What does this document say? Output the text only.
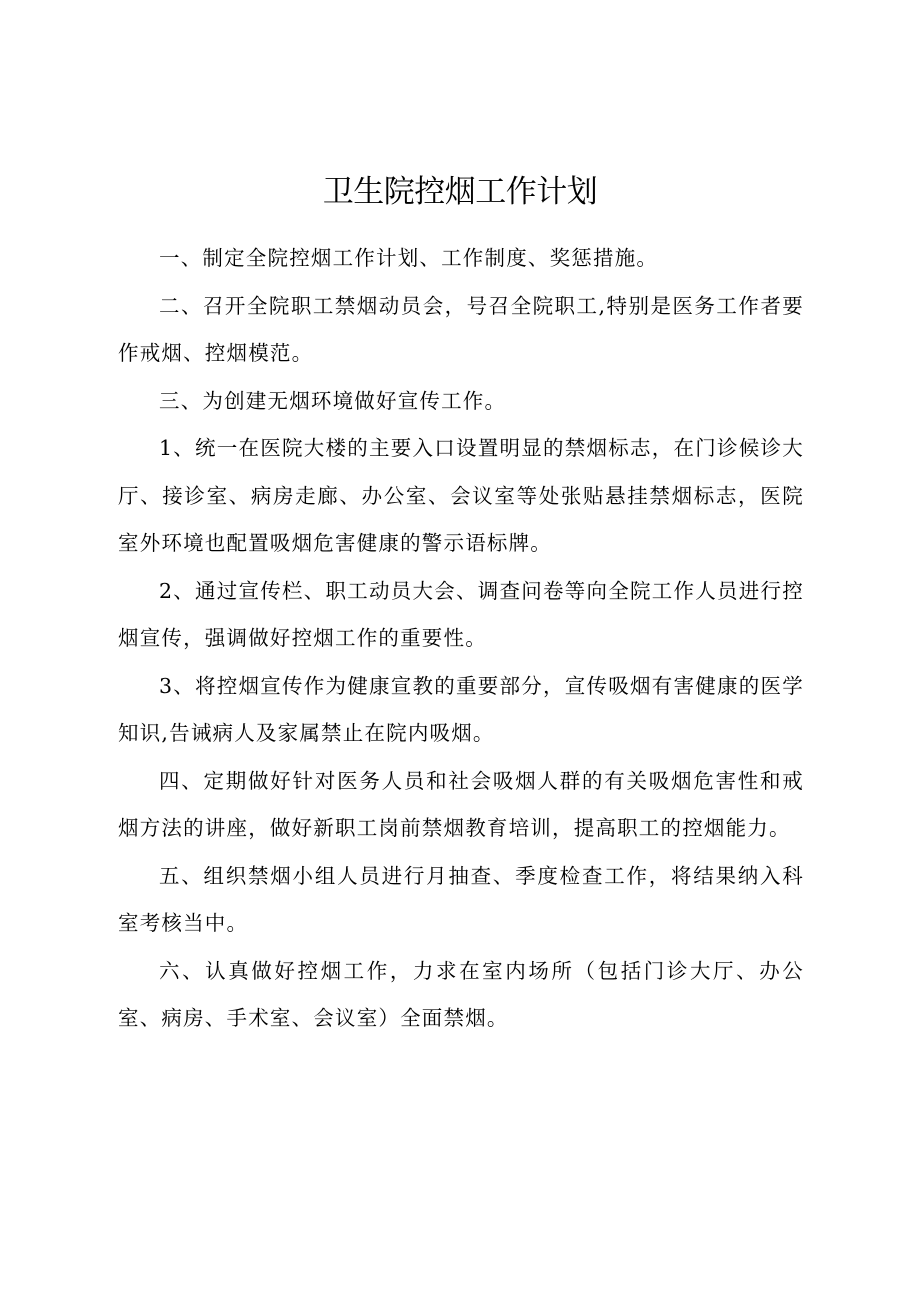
卫生院控烟工作计划

一、制定全院控烟工作计划、工作制度、奖惩措施。

二、召开全院职工禁烟动员会，号召全院职工,特别是医务工作者要作戒烟、控烟模范。

三、为创建无烟环境做好宣传工作。

1、统一在医院大楼的主要入口设置明显的禁烟标志，在门诊候诊大厅、接诊室、病房走廊、办公室、会议室等处张贴悬挂禁烟标志，医院室外环境也配置吸烟危害健康的警示语标牌。

2、通过宣传栏、职工动员大会、调查问卷等向全院工作人员进行控烟宣传，强调做好控烟工作的重要性。

3、将控烟宣传作为健康宣教的重要部分，宣传吸烟有害健康的医学知识,告诫病人及家属禁止在院内吸烟。

四、定期做好针对医务人员和社会吸烟人群的有关吸烟危害性和戒烟方法的讲座，做好新职工岗前禁烟教育培训，提高职工的控烟能力。

五、组织禁烟小组人员进行月抽查、季度检查工作，将结果纳入科室考核当中。

六、认真做好控烟工作，力求在室内场所（包括门诊大厅、办公室、病房、手术室、会议室）全面禁烟。
